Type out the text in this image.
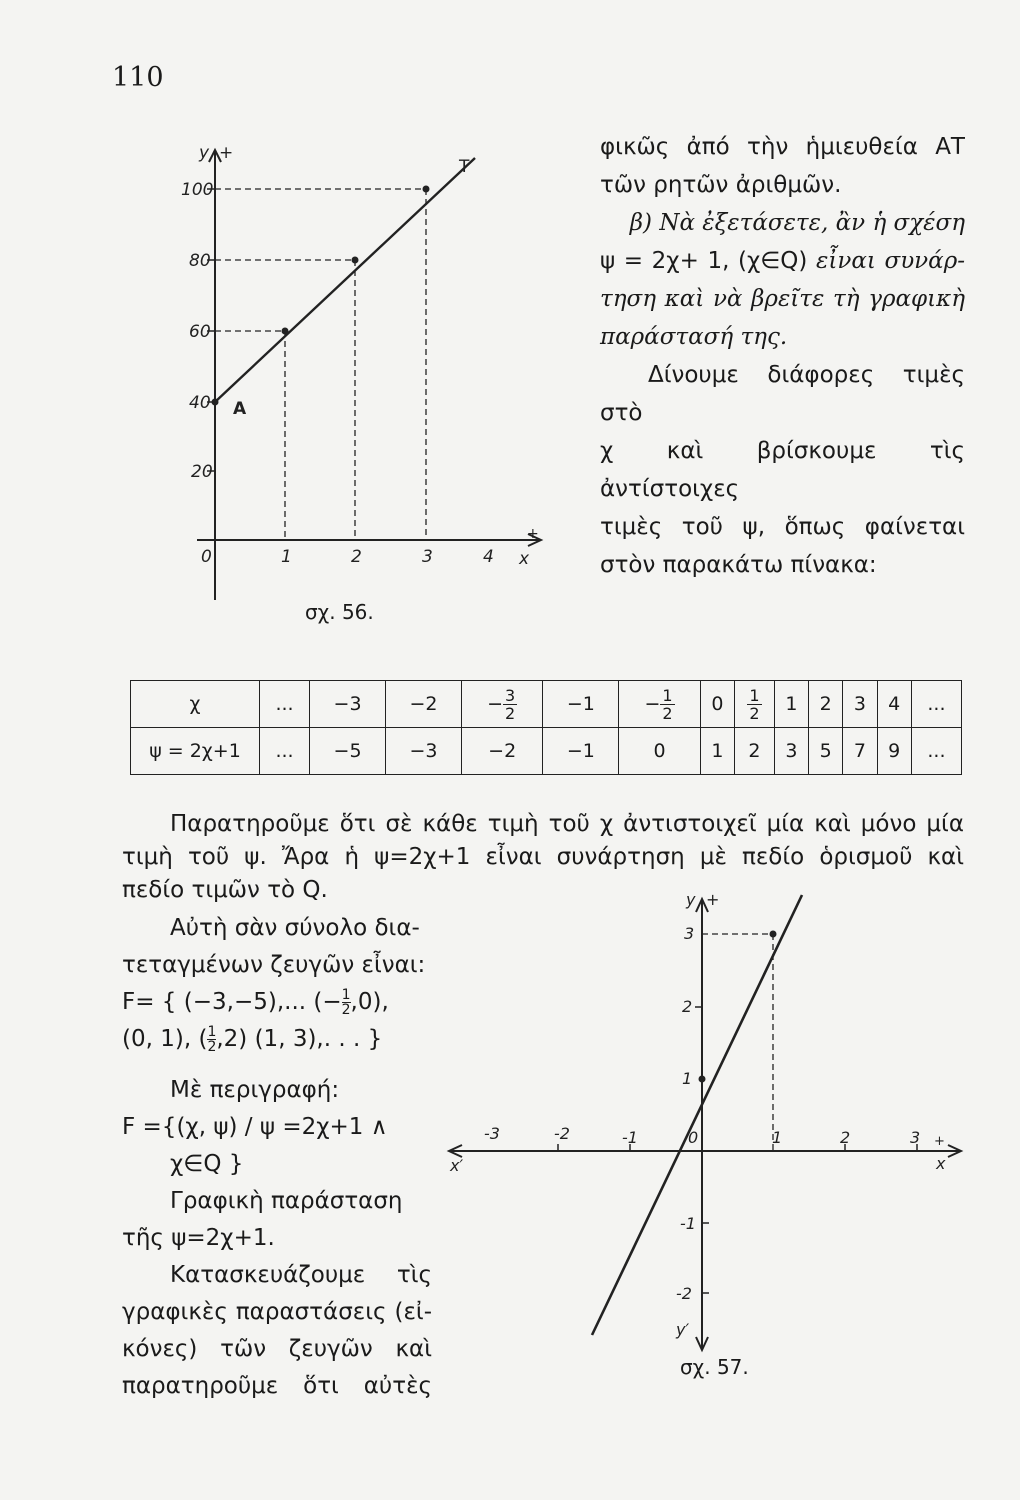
110
y +
100
80
60
40
20
A
T
0	1	2	3	4 x
+
σχ. 56.

φικῶς ἀπό τὴν ἡμιευθεία ΑΤ

τῶν ρητῶν ἀριθμῶν.

β) Νὰ ἐξετάσετε, ἂν ἡ σχέση

ψ = 2χ+ 1, (χ∈Q) εἶναι συνάρ-

τηση καὶ νὰ βρεῖτε τὴ γραφικὴ

παράστασή της.

Δίνουμε διάφορες τιμὲς στὸ

χ καὶ βρίσκουμε τὶς ἀντίστοιχες

τιμὲς τοῦ ψ, ὅπως φαίνεται

στὸν παρακάτω πίνακα:

χ	...	−3	−2	− $\frac{3}{2}$	−1	− $\frac{1}{2}$	0	$\frac{1}{2}$	1	2	3	4	...
ψ = 2χ+1	...	−5	−3	−2	−1	0	1	2	3	5	7	9	...
Παρατηροῦμε ὅτι σὲ κάθε τιμὴ τοῦ χ ἀντιστοιχεῖ μία καὶ μόνο μία
τιμὴ τοῦ ψ. Ἄρα ἡ ψ=2χ+1 εἶναι συνάρτηση μὲ πεδίο ὁρισμοῦ καὶ
πεδίο τιμῶν τὸ Q.

Αὐτὴ σὰν σύνολο δια-

τεταγμένων ζευγῶν εἶναι:

F= { (−3,−5),... (− $\frac{1}{2} ,0$),

(0, 1), ( $\frac{1}{2} ,2$) (1, 3),. . . }

Μὲ περιγραφή:

F ={(χ, ψ) / ψ =2χ+1 ∧

χ∈Q }

Γραφικὴ παράσταση

τῆς ψ=2χ+1.

Κατασκευάζουμε τὶς

γραφικὲς παραστάσεις (εἰ-

κόνες) τῶν ζευγῶν καὶ

παρατηροῦμε ὅτι αὐτὲς

y +
3
2
1
-1
-2
-3	-2	-1	0	1	2	3 +
x
x′
y′
σχ. 57.
